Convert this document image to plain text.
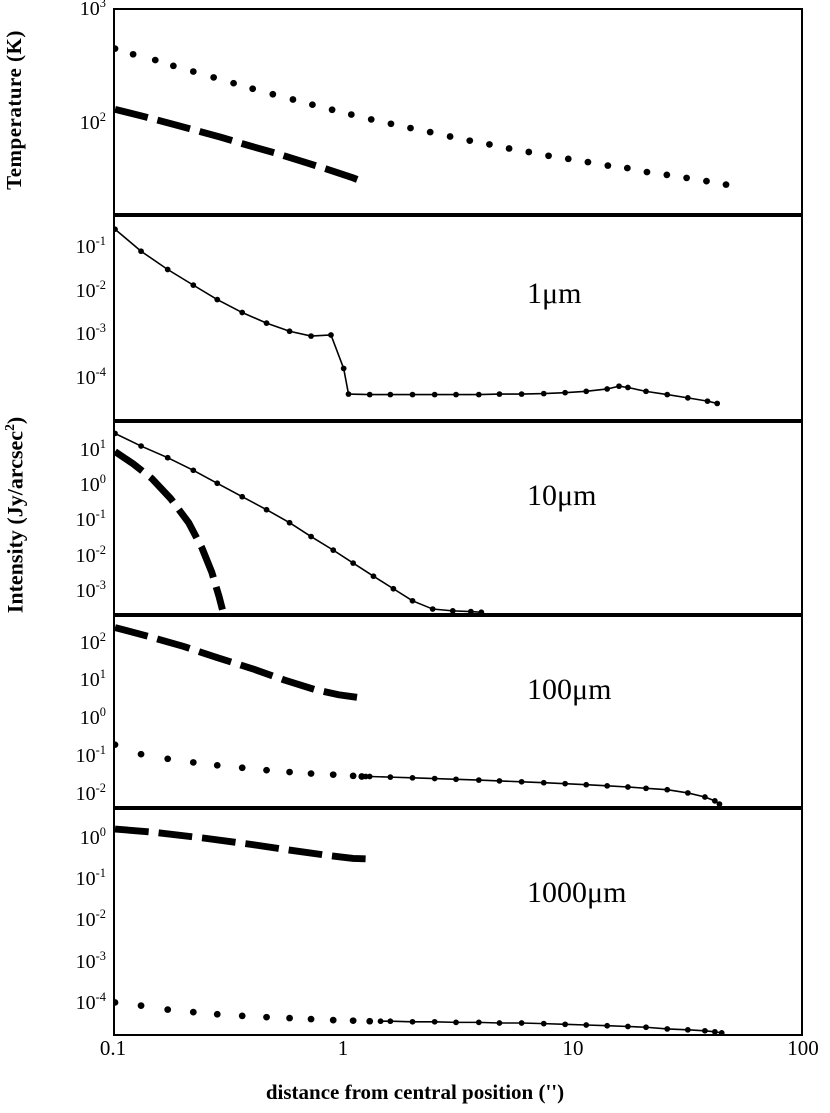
Temperature (K)
Intensity (Jy/arcsec$^2$)
distance from central position ('')
0.1	1	10	100
$10^2$
$10^3$
$10^{-1}$
$10^{-2}$
$10^{-3}$
$10^{-4}$
1μm
$10^1$
$10^0$
$10^{-1}$
$10^{-2}$
$10^{-3}$
10μm
$10^2$
$10^1$
$10^0$
$10^{-1}$
$10^{-2}$
100μm
$10^0$
$10^{-1}$
$10^{-2}$
$10^{-3}$
$10^{-4}$
1000μm
